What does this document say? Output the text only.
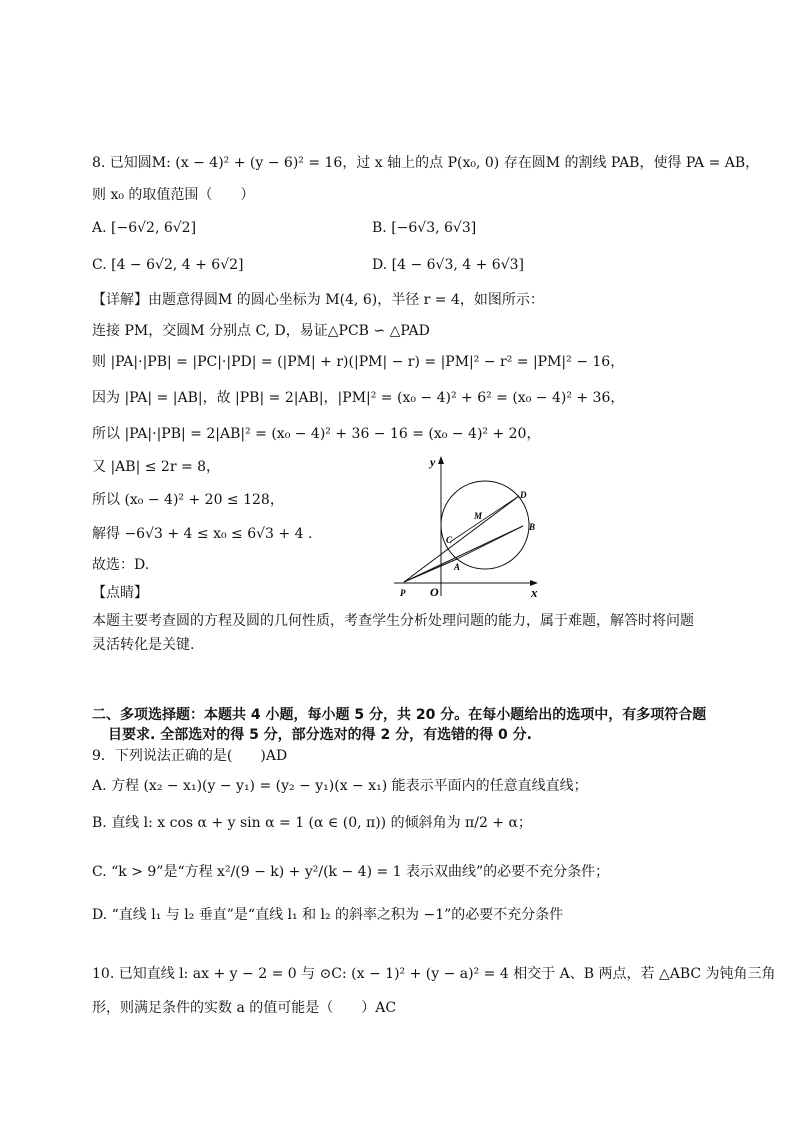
8. 已知圆M: (x − 4)² + (y − 6)² = 16，过 x 轴上的点 P(x₀, 0) 存在圆M 的割线 PAB，使得 PA = AB，
则 x₀ 的取值范围（　　）
A. [−6√2, 6√2]	B. [−6√3, 6√3]
C. [4 − 6√2, 4 + 6√2]	D. [4 − 6√3, 4 + 6√3]
【详解】由题意得圆M 的圆心坐标为 M(4, 6)，半径 r = 4，如图所示：
连接 PM，交圆M 分别点 C, D，易证△PCB ∽ △PAD
则 |PA|·|PB| = |PC|·|PD| = (|PM| + r)(|PM| − r) = |PM|² − r² = |PM|² − 16，
因为 |PA| = |AB|，故 |PB| = 2|AB|，|PM|² = (x₀ − 4)² + 6² = (x₀ − 4)² + 36，
所以 |PA|·|PB| = 2|AB|² = (x₀ − 4)² + 36 − 16 = (x₀ − 4)² + 20，
又 |AB| ≤ 2r = 8，
所以 (x₀ − 4)² + 20 ≤ 128，
解得 −6√3 + 4 ≤ x₀ ≤ 6√3 + 4 .
故选：D.
【点睛】
本题主要考查圆的方程及圆的几何性质，考查学生分析处理问题的能力，属于难题，解答时将问题灵活转化是关键.
y
x
O
P
M
C
A
B
D
二、多项选择题：本题共 4 小题，每小题 5 分，共 20 分。在每小题给出的选项中，有多项符合题
目要求. 全部选对的得 5 分，部分选对的得 2 分，有选错的得 0 分.
9．下列说法正确的是(　　)AD
A. 方程 (x₂ − x₁)(y − y₁) = (y₂ − y₁)(x − x₁) 能表示平面内的任意直线直线；
B. 直线 l: x cos α + y sin α = 1 (α ∈ (0, π)) 的倾斜角为 π/2 + α；
C. “k > 9”是“方程 x²/(9 − k) + y²/(k − 4) = 1 表示双曲线”的必要不充分条件；
D. “直线 l₁ 与 l₂ 垂直”是“直线 l₁ 和 l₂ 的斜率之积为 −1”的必要不充分条件
10. 已知直线 l: ax + y − 2 = 0 与 ⊙C: (x − 1)² + (y − a)² = 4 相交于 A、B 两点，若 △ABC 为钝角三角
形，则满足条件的实数 a 的值可能是（　　）AC
